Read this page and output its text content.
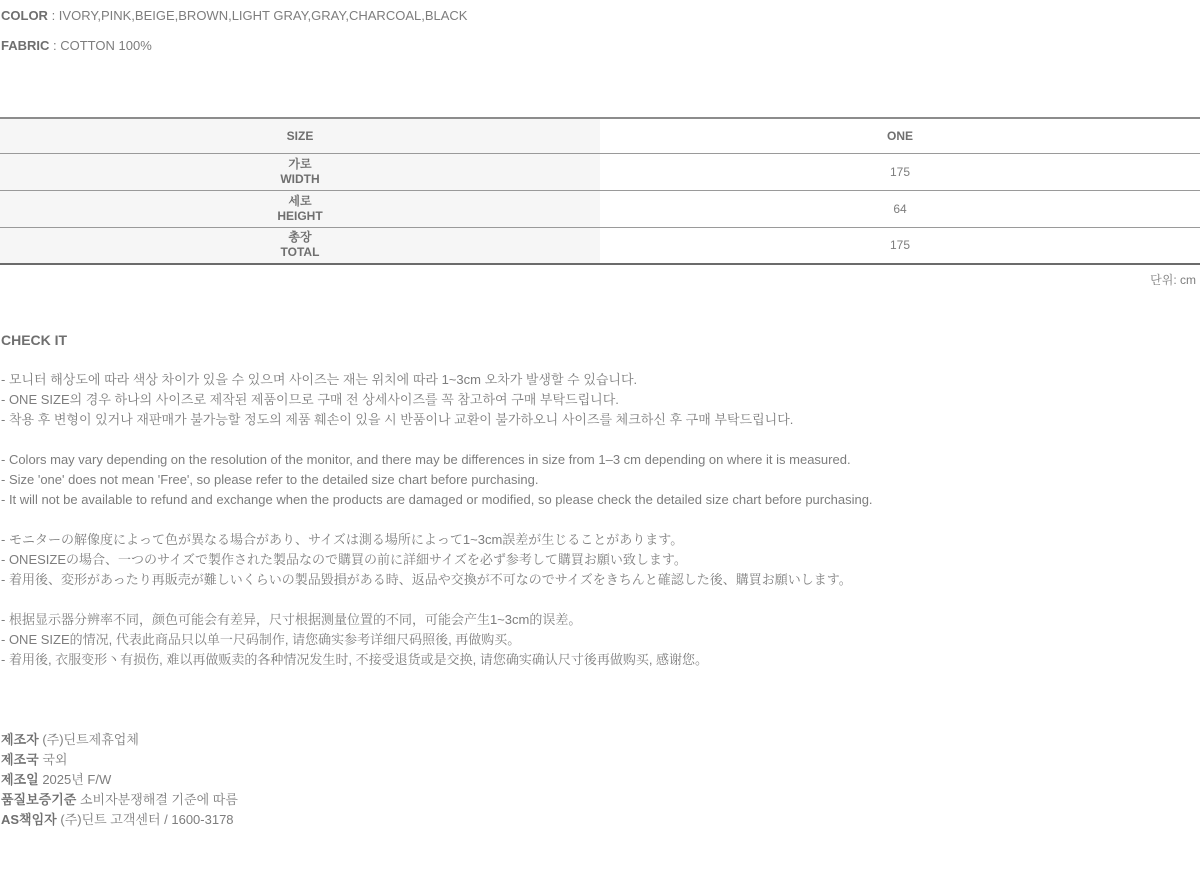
COLOR : IVORY,PINK,BEIGE,BROWN,LIGHT GRAY,GRAY,CHARCOAL,BLACK
FABRIC : COTTON 100%
SIZE	ONE

가로
WIDTH	175

세로
HEIGHT	64

총장
TOTAL	175
단위: cm
CHECK IT

- 모니터 해상도에 따라 색상 차이가 있을 수 있으며 사이즈는 재는 위치에 따라 1~3cm 오차가 발생할 수 있습니다.

- ONE SIZE의 경우 하나의 사이즈로 제작된 제품이므로 구매 전 상세사이즈를 꼭 참고하여 구매 부탁드립니다.

- 착용 후 변형이 있거나 재판매가 불가능할 정도의 제품 훼손이 있을 시 반품이나 교환이 불가하오니 사이즈를 체크하신 후 구매 부탁드립니다.

- Colors may vary depending on the resolution of the monitor, and there may be differences in size from 1–3 cm depending on where it is measured.

- Size 'one' does not mean 'Free', so please refer to the detailed size chart before purchasing.

- It will not be available to refund and exchange when the products are damaged or modified, so please check the detailed size chart before purchasing.

- モニターの解像度によって色が異なる場合があり、サイズは測る場所によって1~3cm誤差が生じることがあります。

- ONESIZEの場合、一つのサイズで製作された製品なので購買の前に詳細サイズを必ず参考して購買お願い致します。

- 着用後、変形があったり再販売が難しいくらいの製品毀損がある時、返品や交換が不可なのでサイズをきちんと確認した後、購買お願いします。

- 根据显示器分辨率不同，颜色可能会有差异，尺寸根据测量位置的不同，可能会产生1~3cm的误差。

- ONE SIZE的情况, 代表此商品只以单一尺码制作, 请您确实参考详细尺码照後, 再做购买。

- 着用後, 衣服变形丶有损伤, 难以再做贩卖的各种情况发生时, 不接受退货或是交换, 请您确实确认尺寸後再做购买, 感谢您。

제조자 (주)딘트제휴업체

제조국 국외

제조일 2025년 F/W

품질보증기준 소비자분쟁해결 기준에 따름

AS책임자 (주)딘트 고객센터 / 1600-3178
